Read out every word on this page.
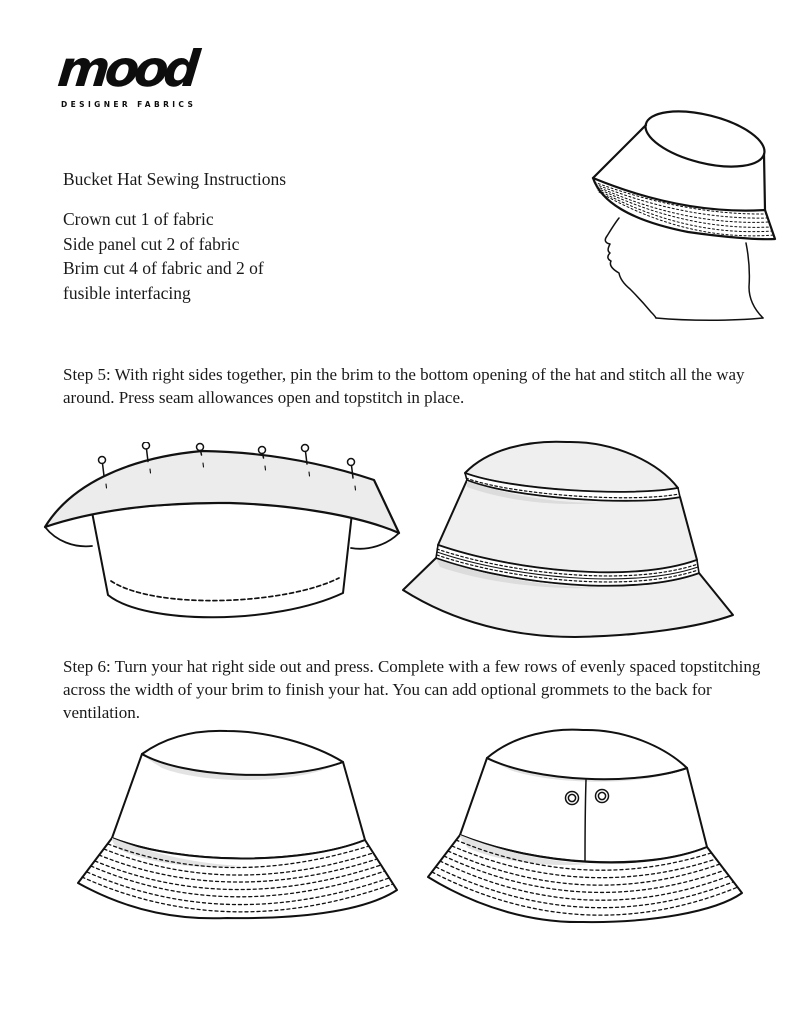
mood
DESIGNER FABRICS
Bucket Hat Sewing Instructions
Crown cut 1 of fabric
Side panel cut 2 of fabric
Brim cut 4 of fabric and 2 of
fusible interfacing

Step 5: With right sides together, pin the brim to the bottom opening of the hat and stitch all the way around. Press seam allowances open and topstitch in place.

Step 6: Turn your hat right side out and press. Complete with a few rows of evenly spaced topstitching across the width of your brim to finish your hat. You can add optional grommets to the back for ventilation.
